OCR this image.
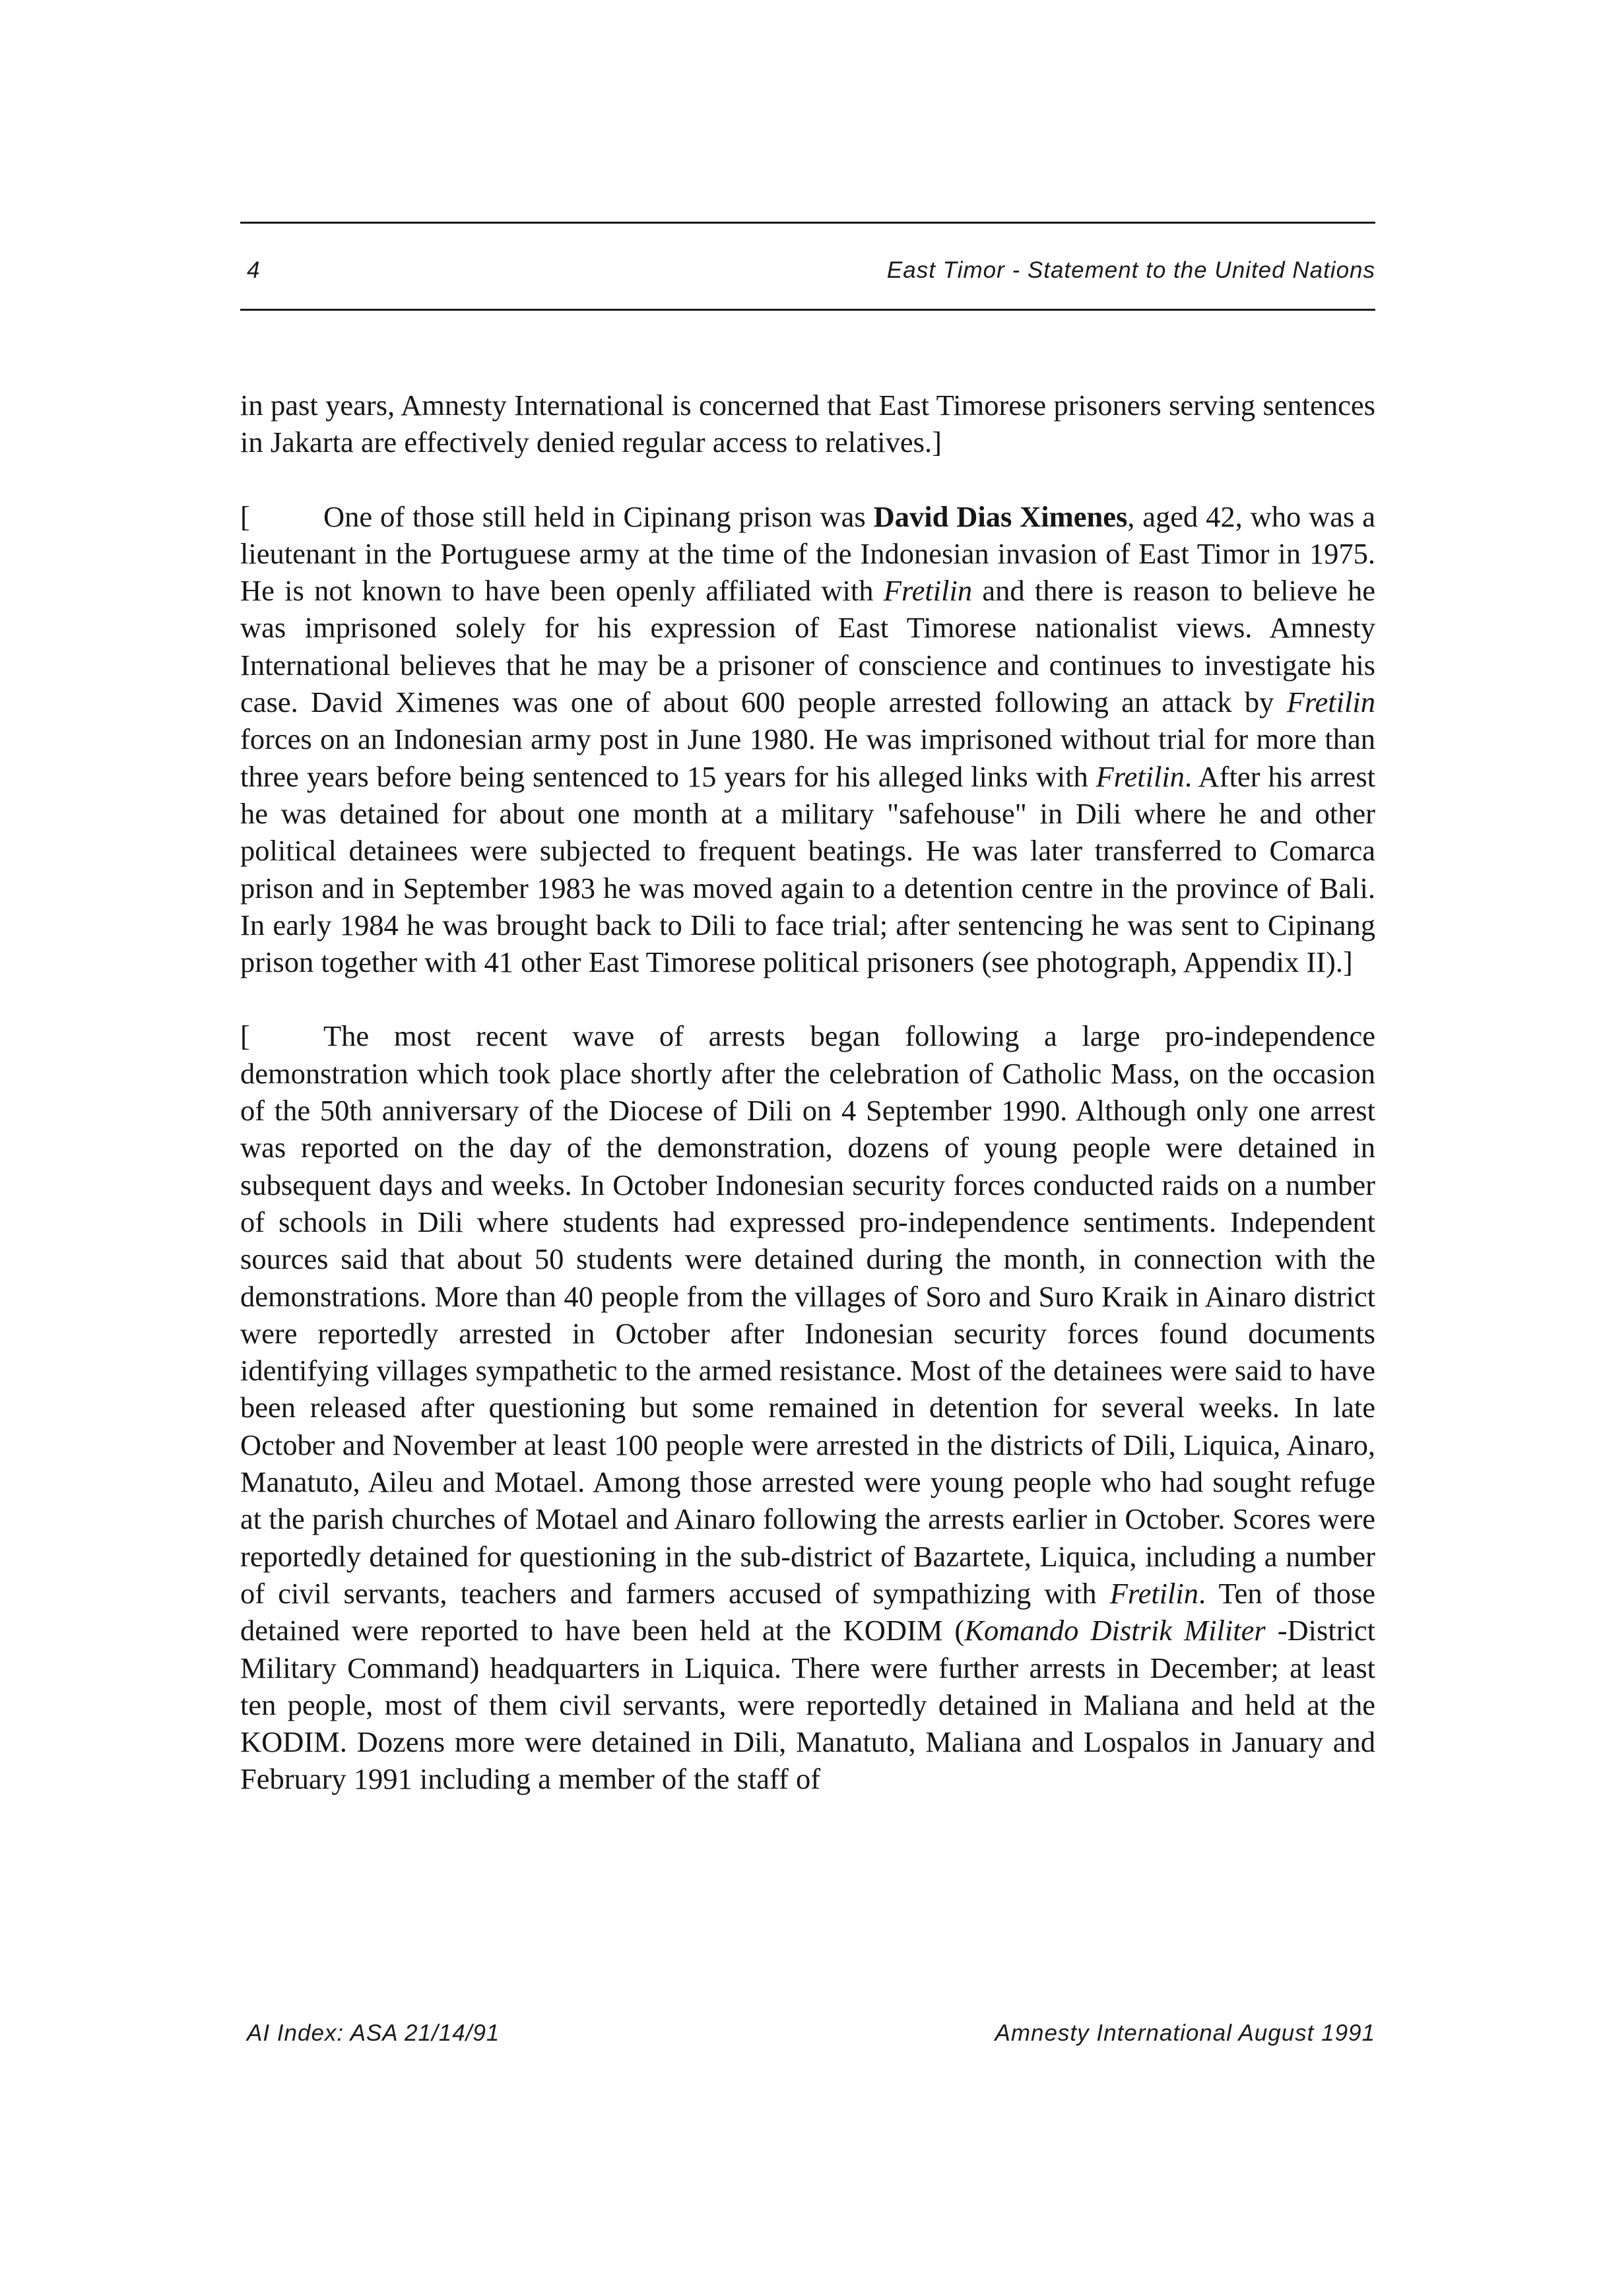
4	East Timor - Statement to the United Nations

in past years, Amnesty International is concerned that East Timorese prisoners serving sentences in Jakarta are effectively denied regular access to relatives.]

[ One of those still held in Cipinang prison was David Dias Ximenes, aged 42, who was a lieutenant in the Portuguese army at the time of the Indonesian invasion of East Timor in 1975. He is not known to have been openly affiliated with Fretilin and there is reason to believe he was imprisoned solely for his expression of East Timorese nationalist views. Amnesty International believes that he may be a prisoner of conscience and continues to investigate his case. David Ximenes was one of about 600 people arrested following an attack by Fretilin forces on an Indonesian army post in June 1980. He was imprisoned without trial for more than three years before being sentenced to 15 years for his alleged links with Fretilin. After his arrest he was detained for about one month at a military "safehouse" in Dili where he and other political detainees were subjected to frequent beatings. He was later transferred to Comarca prison and in September 1983 he was moved again to a detention centre in the province of Bali. In early 1984 he was brought back to Dili to face trial; after sentencing he was sent to Cipinang prison together with 41 other East Timorese political prisoners (see photograph, Appendix II).]

[ The most recent wave of arrests began following a large pro-independence demonstration which took place shortly after the celebration of Catholic Mass, on the occasion of the 50th anniversary of the Diocese of Dili on 4 September 1990. Although only one arrest was reported on the day of the demonstration, dozens of young people were detained in subsequent days and weeks. In October Indonesian security forces conducted raids on a number of schools in Dili where students had expressed pro-independence sentiments. Independent sources said that about 50 students were detained during the month, in connection with the demonstrations. More than 40 people from the villages of Soro and Suro Kraik in Ainaro district were reportedly arrested in October after Indonesian security forces found documents identifying villages sympathetic to the armed resistance. Most of the detainees were said to have been released after questioning but some remained in detention for several weeks. In late October and November at least 100 people were arrested in the districts of Dili, Liquica, Ainaro, Manatuto, Aileu and Motael. Among those arrested were young people who had sought refuge at the parish churches of Motael and Ainaro following the arrests earlier in October. Scores were reportedly detained for questioning in the sub-district of Bazartete, Liquica, including a number of civil servants, teachers and farmers accused of sympathizing with Fretilin. Ten of those detained were reported to have been held at the KODIM (Komando Distrik Militer -District Military Command) headquarters in Liquica. There were further arrests in December; at least ten people, most of them civil servants, were reportedly detained in Maliana and held at the KODIM. Dozens more were detained in Dili, Manatuto, Maliana and Lospalos in January and February 1991 including a member of the staff of

AI Index: ASA 21/14/91	Amnesty International August 1991
